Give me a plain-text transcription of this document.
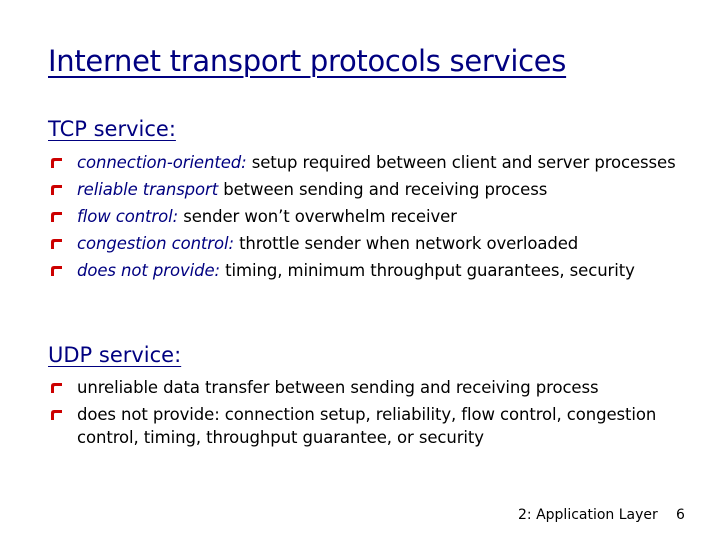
Internet transport protocols services
TCP service:
connection-oriented: setup required between client and server processes
reliable transport between sending and receiving process
flow control: sender won’t overwhelm receiver
congestion control: throttle sender when network overloaded
does not provide: timing, minimum throughput guarantees, security
UDP service:
unreliable data transfer between sending and receiving process
does not provide: connection setup, reliability, flow control, congestion control, timing, throughput guarantee, or security
2: Application Layer 6
